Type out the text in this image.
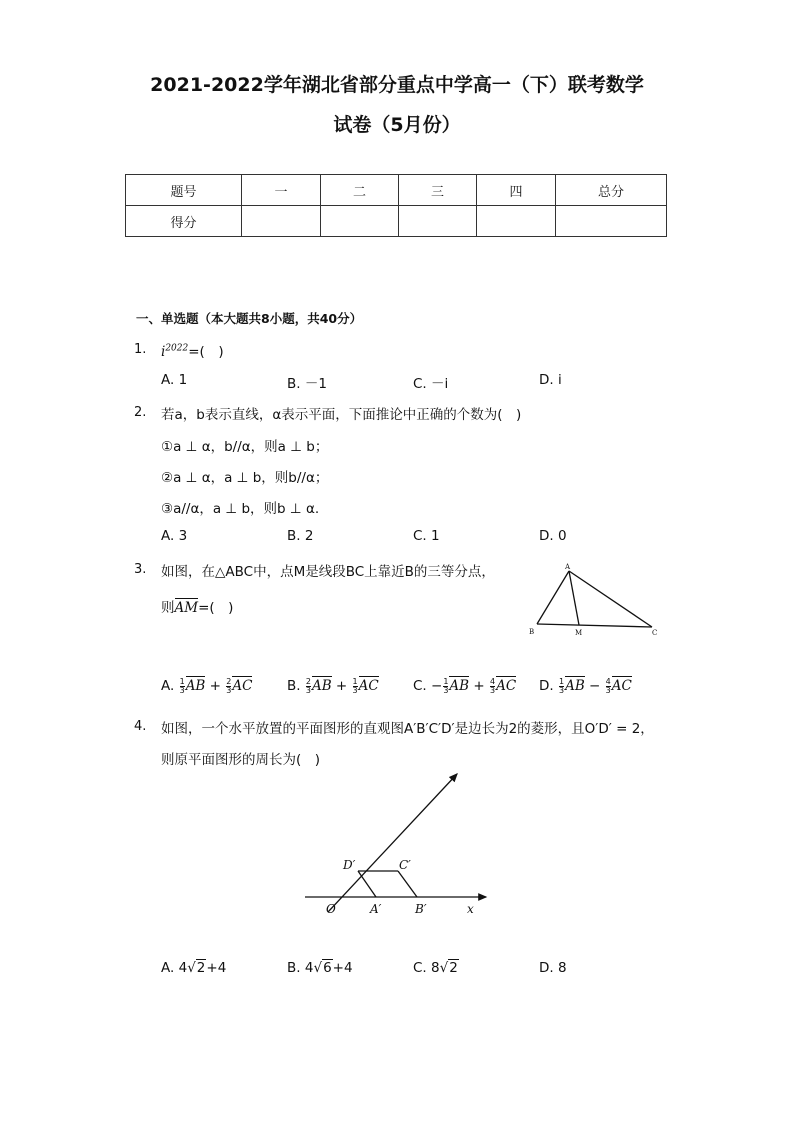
2021-2022学年湖北省部分重点中学高一（下）联考数学
试卷（5月份）
题号	一	二	三	四	总分
得分					
一、单选题（本大题共8小题，共40分）
1. $i^{2022}=$(　)
A. 1	B. －1	C. －i	D. i
2. 若a，b表示直线，α表示平面，下面推论中正确的个数为(　)
①a ⊥ α，b//α，则a ⊥ b；
②a ⊥ α，a ⊥ b，则b//α；
③a//α，a ⊥ b，则b ⊥ α.
A. 3	B. 2	C. 1	D. 0
3. 如图，在△ABC中，点M是线段BC上靠近B的三等分点，
则AM=(　)
A
B	M	C
A. $\frac{1}{3}$ AB + $\frac{2}{3}$ AC	B. $\frac{2}{3}$ AB + $\frac{1}{3}$ AC	C. − $\frac{1}{3}$ AB + $\frac{4}{3}$ AC D. $\frac{1}{3}$ AB − $\frac{4}{3}$ AC
4. 如图，一个水平放置的平面图形的直观图A′B′C′D′是边长为2的菱形，且O′D′ = 2，
则原平面图形的周长为(　)
D′	C′
O	A′	B′	x
A. 4√2+4	B. 4√6+4	C. 8√2	D. 8
